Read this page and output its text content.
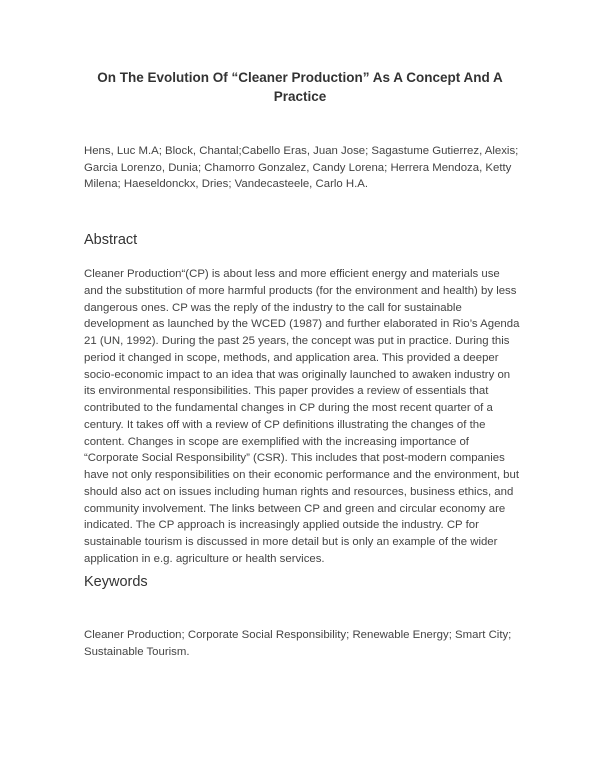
On The Evolution Of “Cleaner Production” As A Concept And A Practice
Hens, Luc M.A; Block, Chantal;Cabello Eras, Juan Jose; Sagastume Gutierrez, Alexis; Garcia Lorenzo, Dunia; Chamorro Gonzalez, Candy Lorena; Herrera Mendoza, Ketty Milena; Haeseldonckx, Dries; Vandecasteele, Carlo H.A.
Abstract
Cleaner Production“(CP) is about less and more efficient energy and materials use and the substitution of more harmful products (for the environment and health) by less dangerous ones. CP was the reply of the industry to the call for sustainable development as launched by the WCED (1987) and further elaborated in Rio’s Agenda 21 (UN, 1992). During the past 25 years, the concept was put in practice. During this period it changed in scope, methods, and application area. This provided a deeper socio-economic impact to an idea that was originally launched to awaken industry on its environmental responsibilities. This paper provides a review of essentials that contributed to the fundamental changes in CP during the most recent quarter of a century. It takes off with a review of CP definitions illustrating the changes of the content. Changes in scope are exemplified with the increasing importance of “Corporate Social Responsibility” (CSR). This includes that post-modern companies have not only responsibilities on their economic performance and the environment, but should also act on issues including human rights and resources, business ethics, and community involvement. The links between CP and green and circular economy are indicated. The CP approach is increasingly applied outside the industry. CP for sustainable tourism is discussed in more detail but is only an example of the wider application in e.g. agriculture or health services.
Keywords
Cleaner Production; Corporate Social Responsibility; Renewable Energy; Smart City; Sustainable Tourism.
